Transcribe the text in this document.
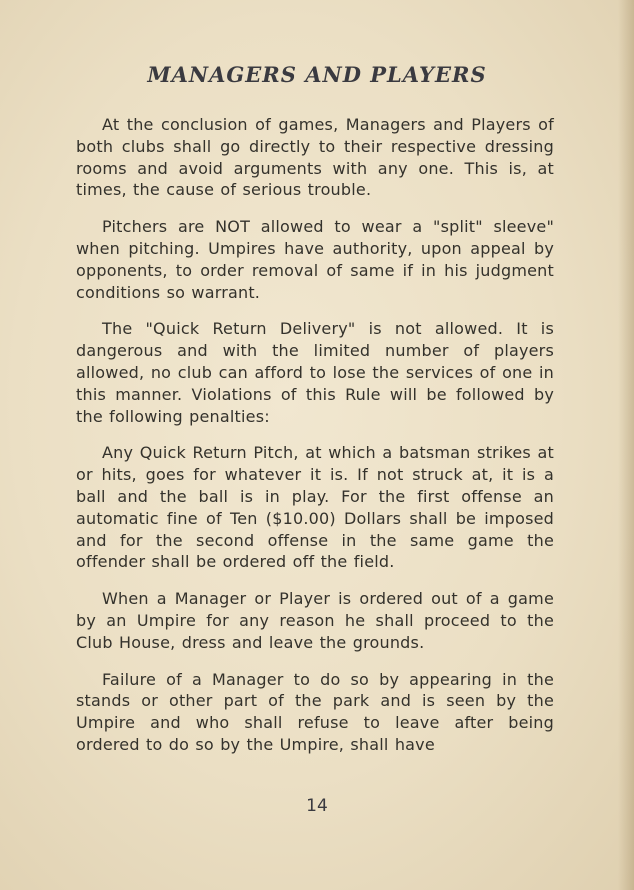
MANAGERS AND PLAYERS

At the conclusion of games, Managers and Players of both clubs shall go directly to their respective dressing rooms and avoid arguments with any one. This is, at times, the cause of serious trouble.

Pitchers are NOT allowed to wear a "split" sleeve" when pitching. Umpires have authority, upon appeal by opponents, to order removal of same if in his judgment conditions so warrant.

The "Quick Return Delivery" is not allowed. It is dangerous and with the limited number of players allowed, no club can afford to lose the services of one in this manner. Violations of this Rule will be followed by the following penalties:

Any Quick Return Pitch, at which a batsman strikes at or hits, goes for whatever it is. If not struck at, it is a ball and the ball is in play. For the first offense an automatic fine of Ten ($10.00) Dollars shall be imposed and for the second offense in the same game the offender shall be ordered off the field.

When a Manager or Player is ordered out of a game by an Umpire for any reason he shall proceed to the Club House, dress and leave the grounds.

Failure of a Manager to do so by appearing in the stands or other part of the park and is seen by the Umpire and who shall refuse to leave after being ordered to do so by the Umpire, shall have

14
